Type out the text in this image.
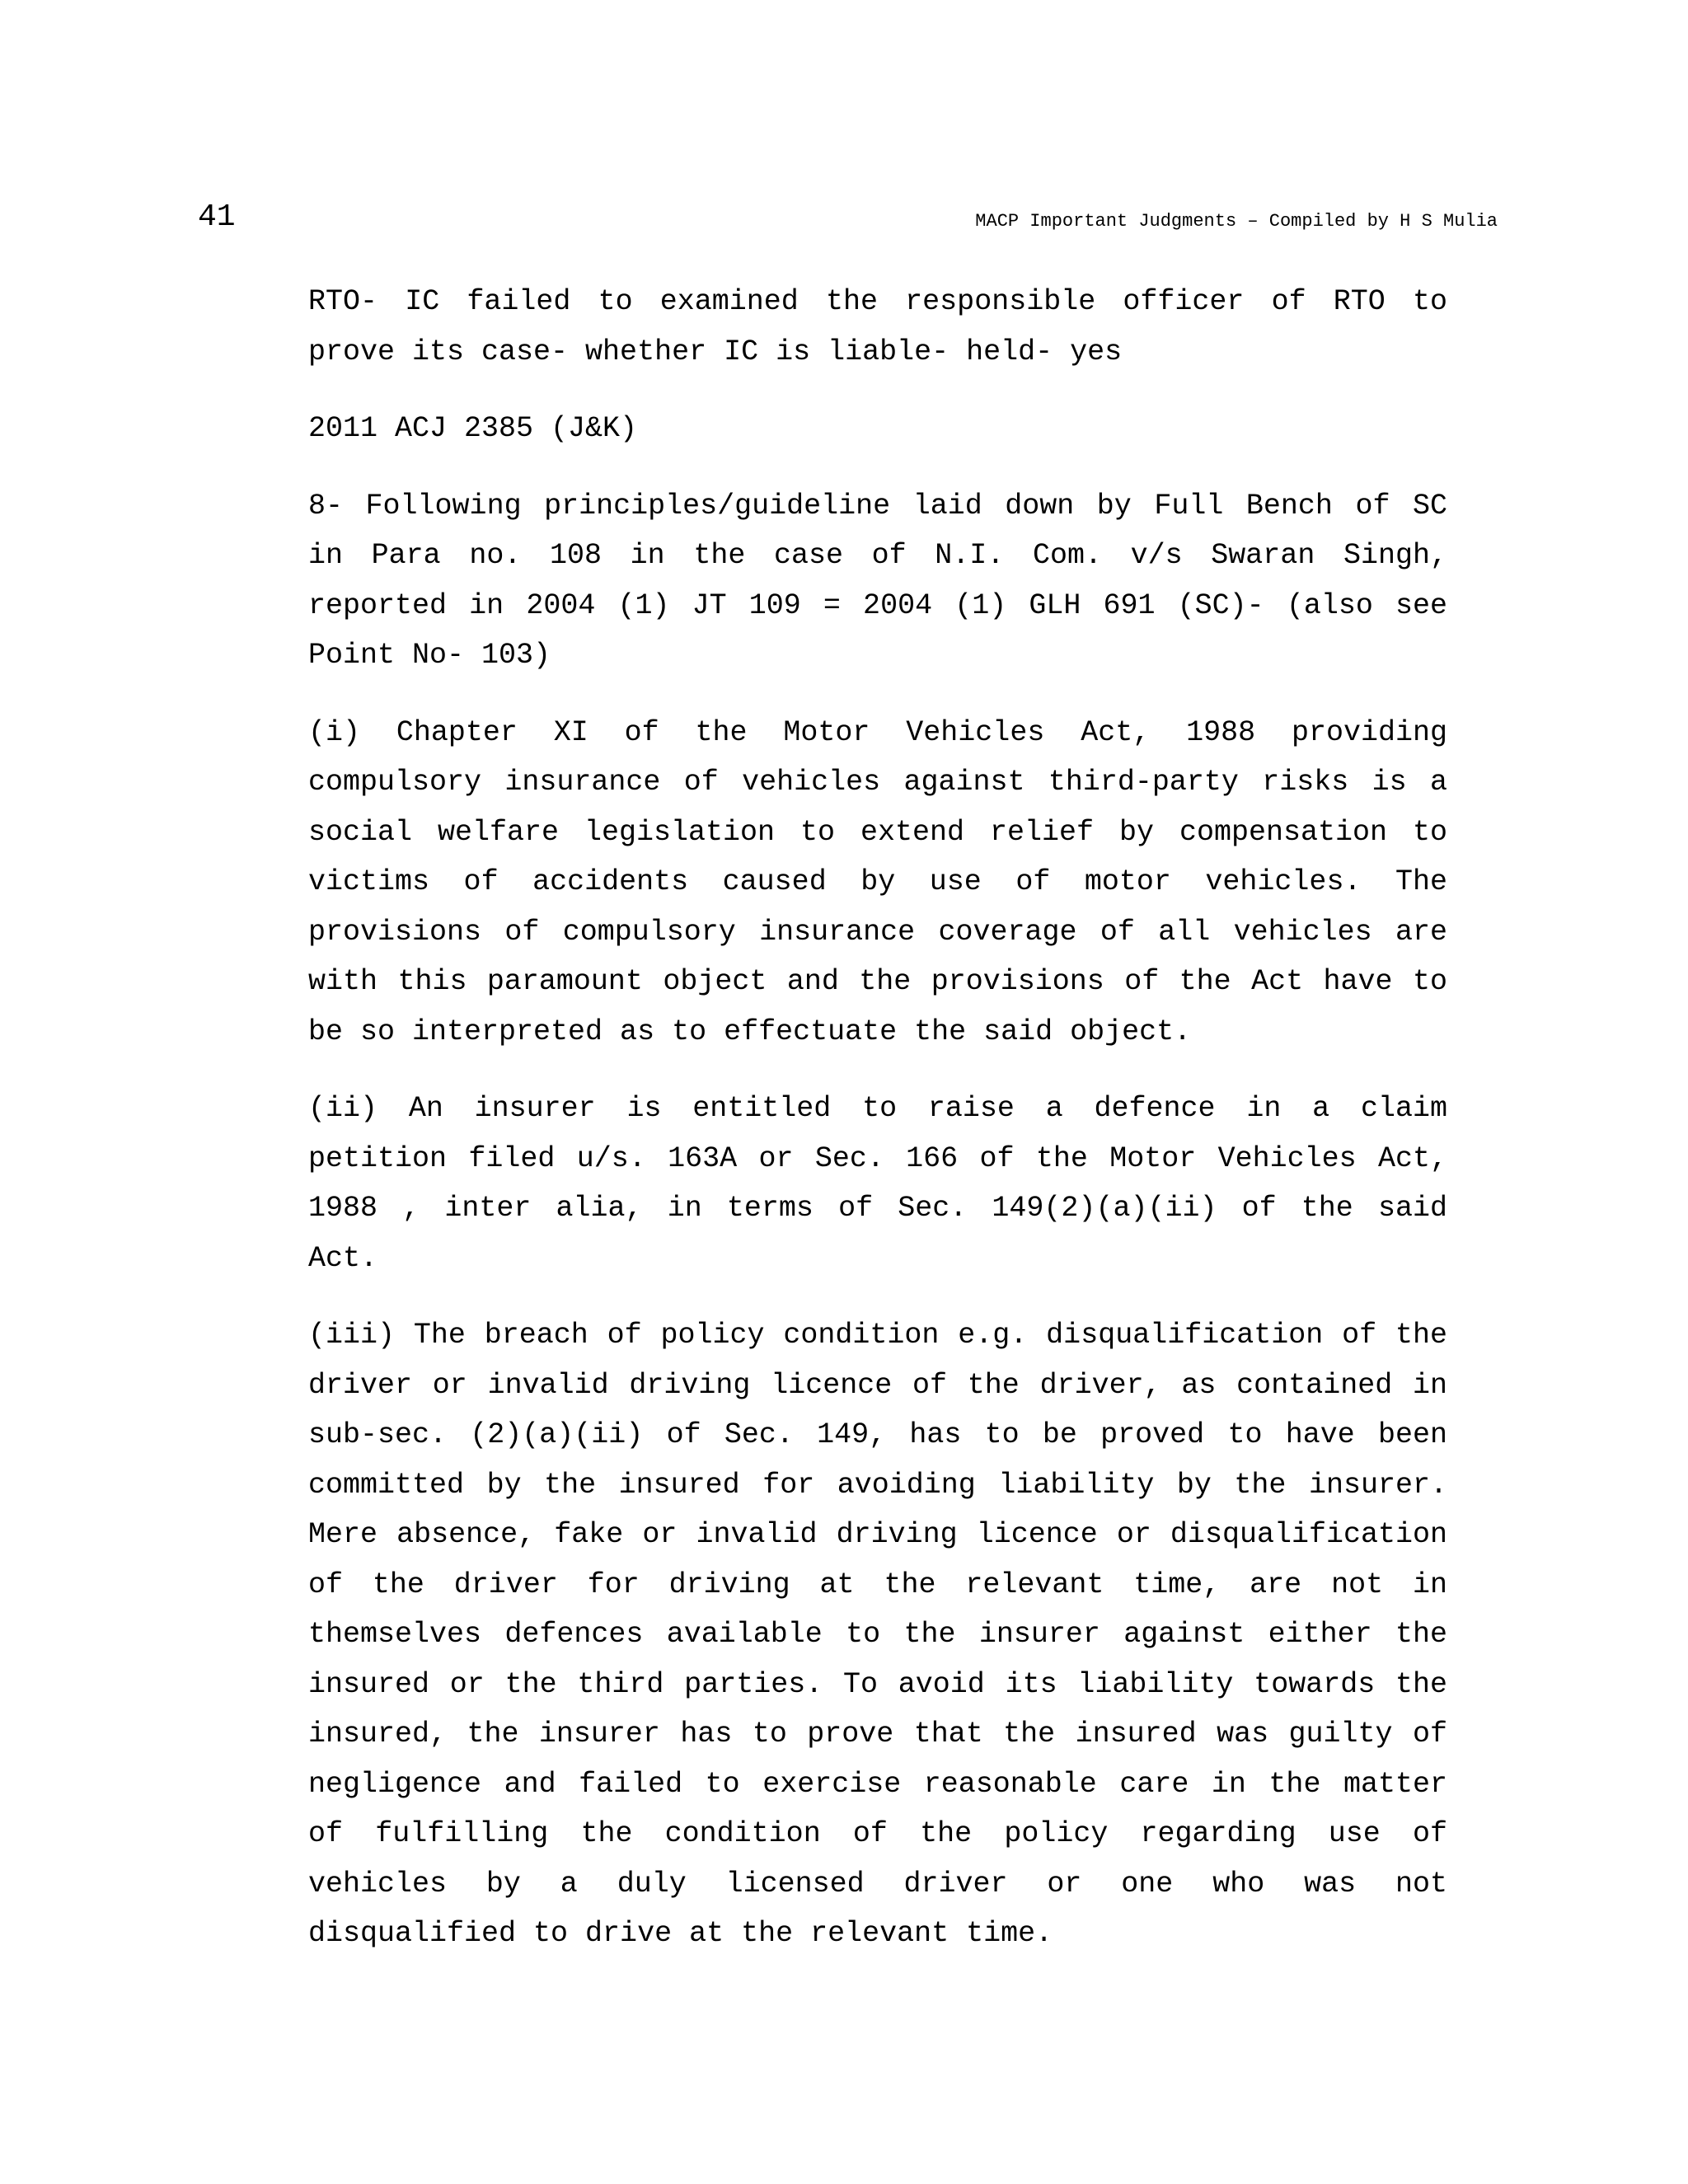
41	MACP Important Judgments – Compiled by H S Mulia

RTO- IC failed to examined the responsible officer of RTO to prove its case- whether IC is liable- held- yes

2011 ACJ 2385 (J&K)

8- Following principles/guideline laid down by Full Bench of SC in Para no. 108 in the case of N.I. Com. v/s Swaran Singh, reported in 2004 (1) JT 109 = 2004 (1) GLH 691 (SC)- (also see Point No- 103)

(i) Chapter XI of the Motor Vehicles Act, 1988 providing compulsory insurance of vehicles against third-party risks is a social welfare legislation to extend relief by compensation to victims of accidents caused by use of motor vehicles. The provisions of compulsory insurance coverage of all vehicles are with this paramount object and the provisions of the Act have to be so interpreted as to effectuate the said object.

(ii) An insurer is entitled to raise a defence in a claim petition filed u/s. 163A or Sec. 166 of the Motor Vehicles Act, 1988 , inter alia, in terms of Sec. 149(2)(a)(ii) of the said Act.

(iii) The breach of policy condition e.g. disqualification of the driver or invalid driving licence of the driver, as contained in sub-sec. (2)(a)(ii) of Sec. 149, has to be proved to have been committed by the insured for avoiding liability by the insurer. Mere absence, fake or invalid driving licence or disqualification of the driver for driving at the relevant time, are not in themselves defences available to the insurer against either the insured or the third parties. To avoid its liability towards the insured, the insurer has to prove that the insured was guilty of negligence and failed to exercise reasonable care in the matter of fulfilling the condition of the policy regarding use of vehicles by a duly licensed driver or one who was not disqualified to drive at the relevant time.
